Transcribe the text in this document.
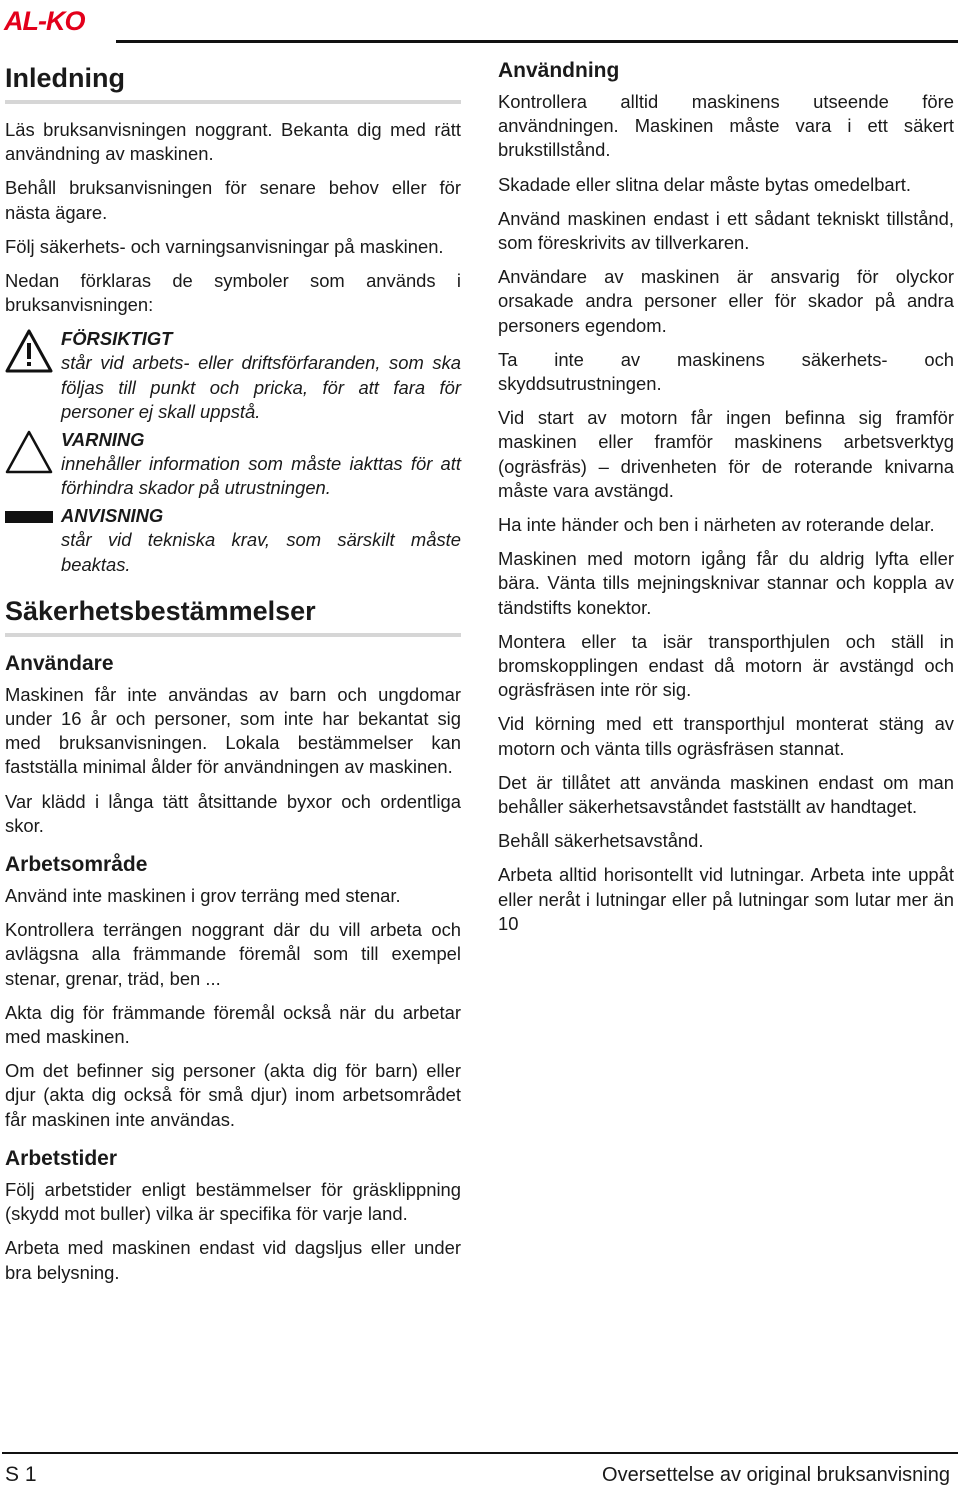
AL-KO
Inledning

Läs bruksanvisningen noggrant. Bekanta dig med rätt användning av maskinen.

Behåll bruksanvisningen för senare behov eller för nästa ägare.

Följ säkerhets- och varningsanvisningar på maskinen.

Nedan förklaras de symboler som används i bruksanvisningen:

FÖRSIKTIGT

står vid arbets- eller driftsförfaranden, som ska följas till punkt och pricka, för att fara för personer ej skall uppstå.

VARNING

innehåller information som måste iakttas för att förhindra skador på utrustningen.

ANVISNING

står vid tekniska krav, som särskilt måste beaktas.

Säkerhetsbestämmelser
Användare

Maskinen får inte användas av barn och ungdomar under 16 år och personer, som inte har bekantat sig med bruksanvisningen. Lokala bestämmelser kan fastställa minimal ålder för användningen av maskinen.

Var klädd i långa tätt åtsittande byxor och ordentliga skor.

Arbetsområde

Använd inte maskinen i grov terräng med stenar.

Kontrollera terrängen noggrant där du vill arbeta och avlägsna alla främmande föremål som till exempel stenar, grenar, träd, ben ...

Akta dig för främmande föremål också när du arbetar med maskinen.

Om det befinner sig personer (akta dig för barn) eller djur (akta dig också för små djur) inom arbetsområdet får maskinen inte användas.

Arbetstider

Följ arbetstider enligt bestämmelser för gräsklippning (skydd mot buller) vilka är specifika för varje land.

Arbeta med maskinen endast vid dagsljus eller under bra belysning.

Användning

Kontrollera alltid maskinens utseende före användningen. Maskinen måste vara i ett säkert brukstillstånd.

Skadade eller slitna delar måste bytas omedelbart.

Använd maskinen endast i ett sådant tekniskt tillstånd, som föreskrivits av tillverkaren.

Användare av maskinen är ansvarig för olyckor orsakade andra personer eller för skador på andra personers egendom.

Ta inte av maskinens säkerhets- och skyddsutrustningen.

Vid start av motorn får ingen befinna sig framför maskinen eller framför maskinens arbetsverktyg (ogräsfräs) – drivenheten för de roterande knivarna måste vara avstängd.

Ha inte händer och ben i närheten av roterande delar.

Maskinen med motorn igång får du aldrig lyfta eller bära. Vänta tills mejningsknivar stannar och koppla av tändstifts konektor.

Montera eller ta isär transporthjulen och ställ in bromskopplingen endast då motorn är avstängd och ogräsfräsen inte rör sig.

Vid körning med ett transporthjul monterat stäng av motorn och vänta tills ogräsfräsen stannat.

Det är tillåtet att använda maskinen endast om man behåller säkerhetsavståndet fastställt av handtaget.

Behåll säkerhetsavstånd.

Arbeta alltid horisontellt vid lutningar. Arbeta inte uppåt eller neråt i lutningar eller på lutningar som lutar mer än 10

S 1	Oversettelse av original bruksanvisning
